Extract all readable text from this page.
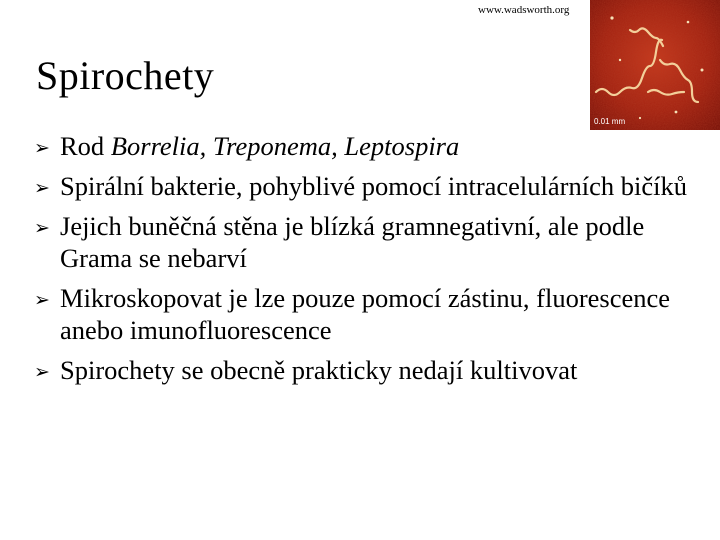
www.wadsworth.org
0.01 mm
Spirochety
➢ Rod Borrelia, Treponema, Leptospira
➢ Spirální bakterie, pohyblivé pomocí intracelulárních bičíků
➢ Jejich buněčná stěna je blízká gramnegativní, ale podle Grama se nebarví
➢ Mikroskopovat je lze pouze pomocí zástinu, fluorescence anebo imunofluorescence
➢ Spirochety se obecně prakticky nedají kultivovat
